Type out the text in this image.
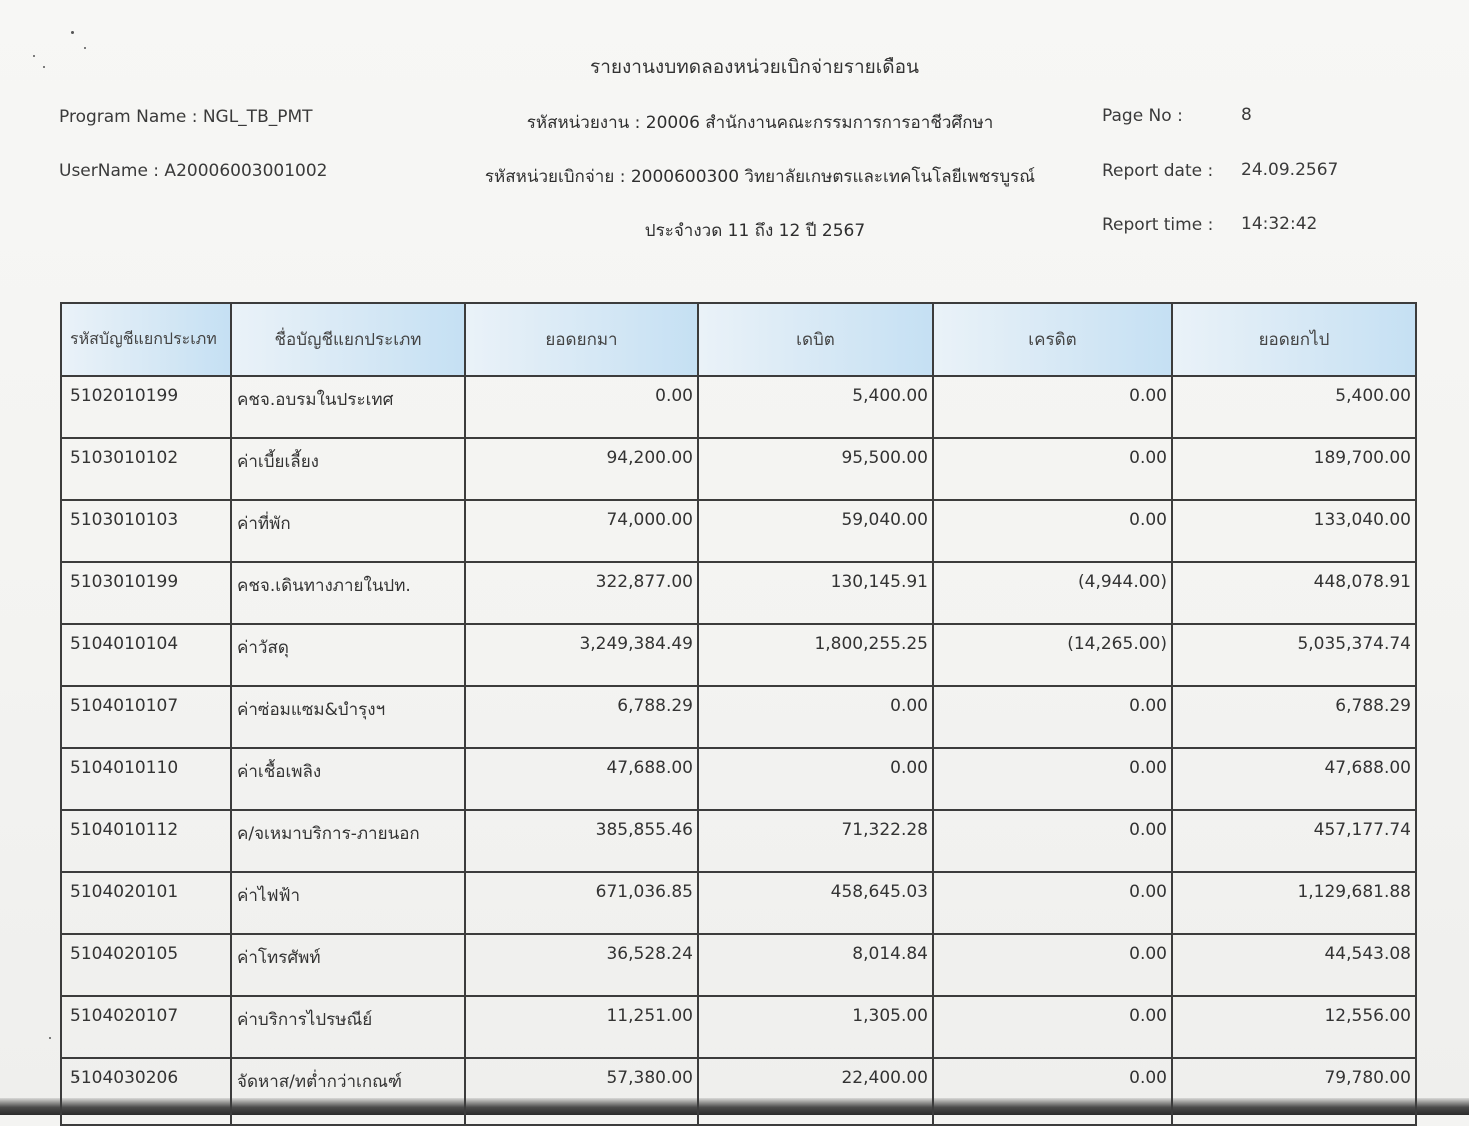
รายงานงบทดลองหน่วยเบิกจ่ายรายเดือน
Program Name : NGL_TB_PMT
UserName : A20006003001002
รหัสหน่วยงาน : 20006 สำนักงานคณะกรรมการการอาชีวศึกษา
รหัสหน่วยเบิกจ่าย : 2000600300 วิทยาลัยเกษตรและเทคโนโลยีเพชรบูรณ์
ประจำงวด 11 ถึง 12 ปี 2567
Page No :	8
Report date : 24.09.2567
Report time : 14:32:42
รหัสบัญชีแยกประเภท	ชื่อบัญชีแยกประเภท	ยอดยกมา	เดบิต	เครดิต	ยอดยกไป
5102010199	คชจ.อบรมในประเทศ	0.00	5,400.00	0.00	5,400.00
5103010102	ค่าเบี้ยเลี้ยง	94,200.00	95,500.00	0.00	189,700.00
5103010103	ค่าที่พัก	74,000.00	59,040.00	0.00	133,040.00
5103010199	คชจ.เดินทางภายในปท.	322,877.00	130,145.91	(4,944.00)	448,078.91
5104010104	ค่าวัสดุ	3,249,384.49	1,800,255.25	(14,265.00)	5,035,374.74
5104010107	ค่าซ่อมแซม&บำรุงฯ	6,788.29	0.00	0.00	6,788.29
5104010110	ค่าเชื้อเพลิง	47,688.00	0.00	0.00	47,688.00
5104010112	ค/จเหมาบริการ-ภายนอก	385,855.46	71,322.28	0.00	457,177.74
5104020101	ค่าไฟฟ้า	671,036.85	458,645.03	0.00	1,129,681.88
5104020105	ค่าโทรศัพท์	36,528.24	8,014.84	0.00	44,543.08
5104020107	ค่าบริการไปรษณีย์	11,251.00	1,305.00	0.00	12,556.00
5104030206	จัดหาส/ทต่ำกว่าเกณฑ์	57,380.00	22,400.00	0.00	79,780.00
